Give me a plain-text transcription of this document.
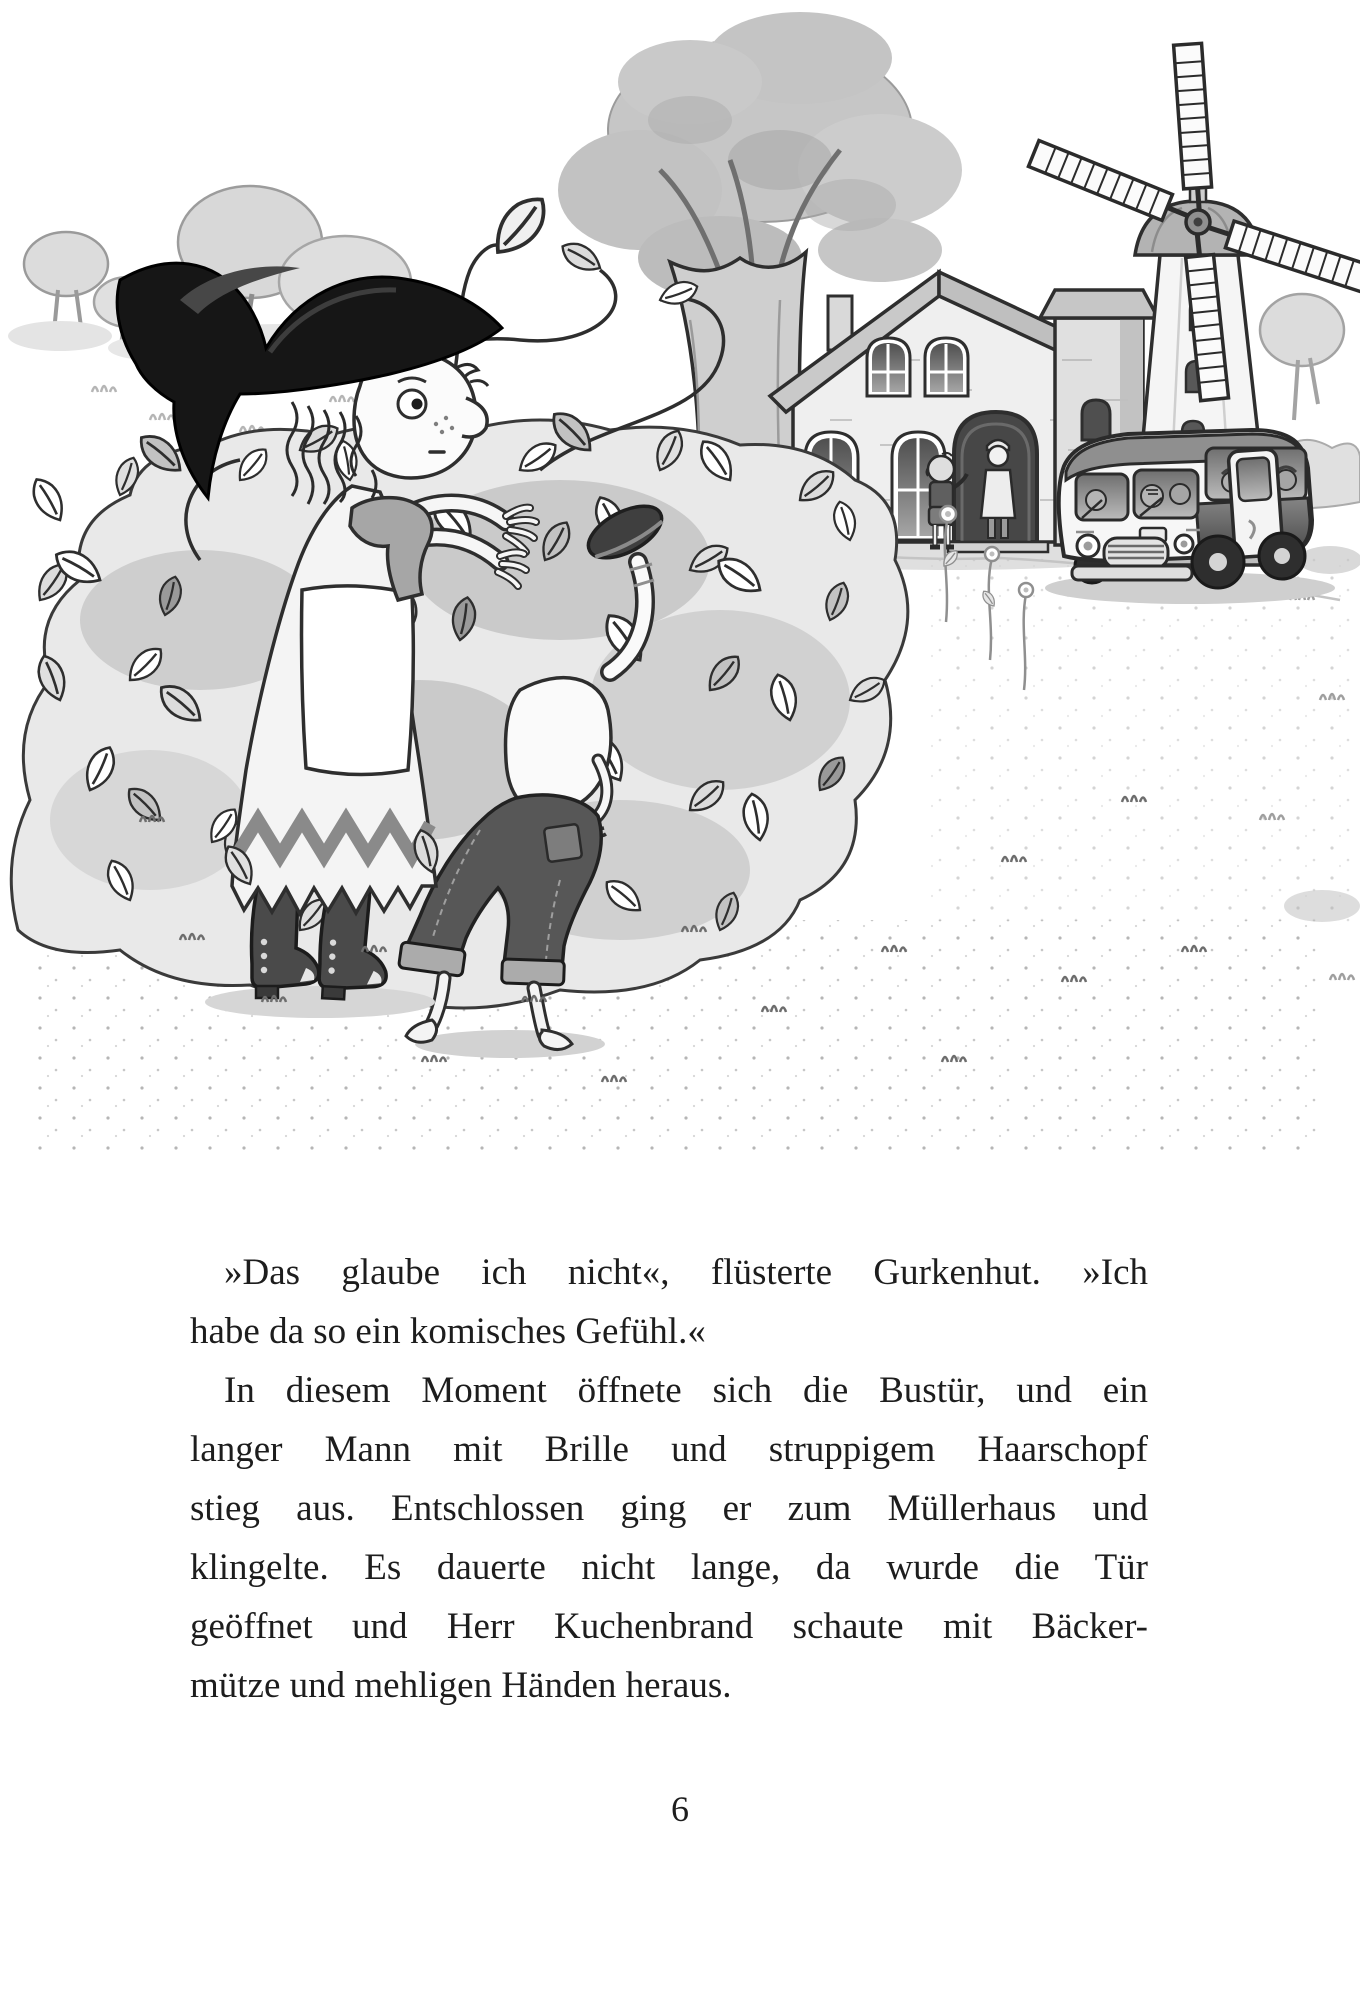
»Das glaube ich nicht«, flüsterte Gurkenhut. »Ich
habe da so ein komisches Gefühl.«
In diesem Moment öffnete sich die Bustür, und ein
langer Mann mit Brille und struppigem Haarschopf
stieg aus. Entschlossen ging er zum Müllerhaus und
klingelte. Es dauerte nicht lange, da wurde die Tür
geöffnet und Herr Kuchenbrand schaute mit Bäcker-
mütze und mehligen Händen heraus.
6
